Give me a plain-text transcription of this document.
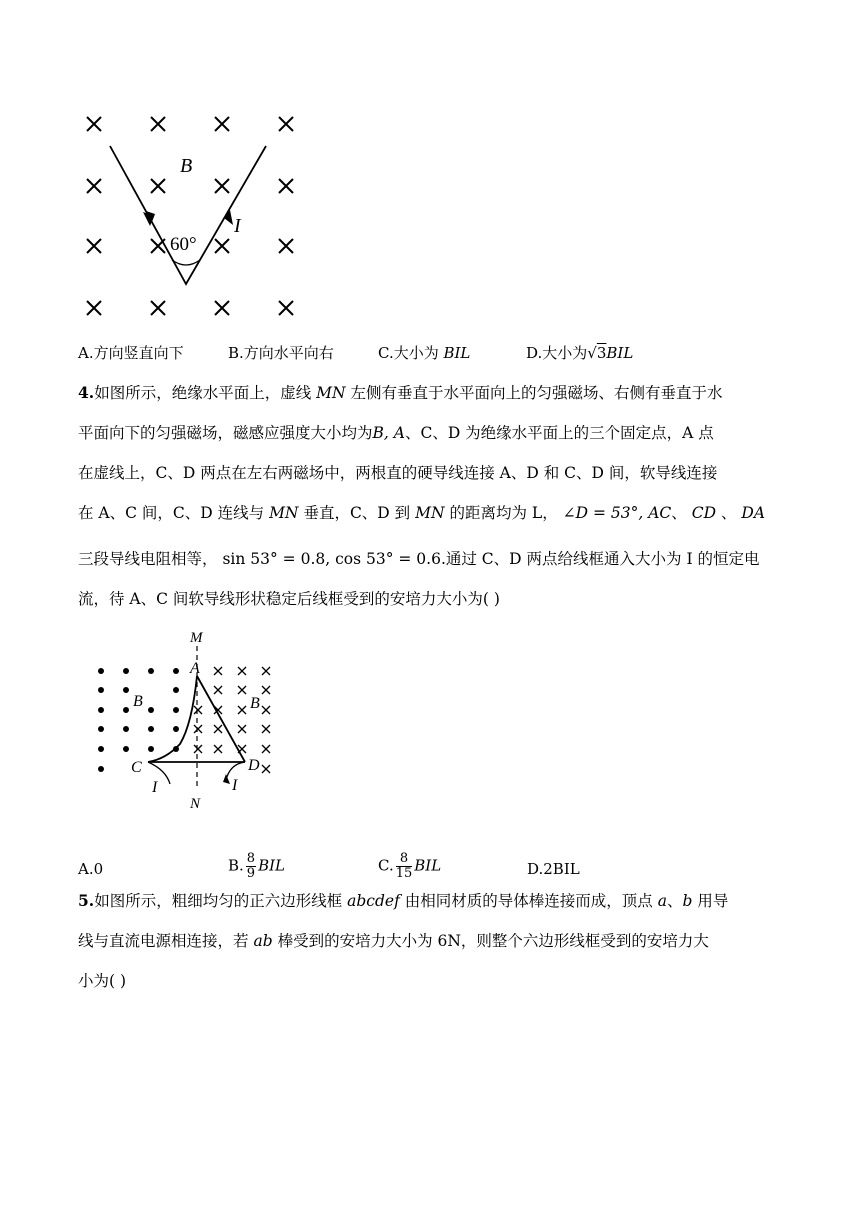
B
I
60°
A.方向竖直向下	B.方向水平向右	C.大小为 BIL	D.大小为√3BIL
4.如图所示，绝缘水平面上，虚线 MN 左侧有垂直于水平面向上的匀强磁场、右侧有垂直于水
平面向下的匀强磁场，磁感应强度大小均为B, A、C、D 为绝缘水平面上的三个固定点，A 点
在虚线上，C、D 两点在左右两磁场中，两根直的硬导线连接 A、D 和 C、D 间，软导线连接
在 A、C 间，C、D 连线与 MN 垂直，C、D 到 MN 的距离均为 L， ∠D = 53°, AC、 CD 、 DA
三段导线电阻相等， sin 53° = 0.8, cos 53° = 0.6.通过 C、D 两点给线框通入大小为 I 的恒定电
流，待 A、C 间软导线形状稳定后线框受到的安培力大小为( )
M
A
B	B
C	D
I	I
N
A.0	B. $\frac{8}{9}$ BIL	C. $\frac{8}{15}$ BIL	D.2BIL
5.如图所示，粗细均匀的正六边形线框 abcdef 由相同材质的导体棒连接而成，顶点 a、b 用导
线与直流电源相连接，若 ab 棒受到的安培力大小为 6N，则整个六边形线框受到的安培力大
小为( )
